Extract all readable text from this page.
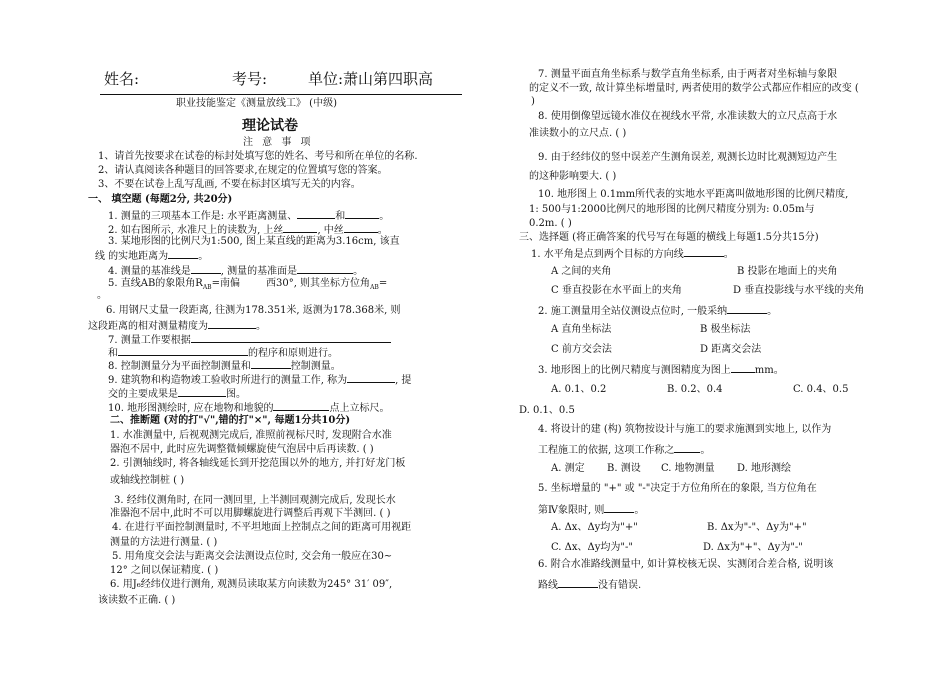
姓名:	考号:	单位:萧山第四职高
职业技能鉴定《测量放线工》 (中级)
理论试卷
注 意 事 项
1、请首先按要求在试卷的标封处填写您的姓名、考号和所在单位的名称.
2、请认真阅读各种题目的回答要求,在规定的位置填写您的答案。
3、不要在试卷上乱写乱画, 不要在标封区填写无关的内容。
一、 填空题 (每题2分, 共20分)
1. 测量的三项基本工作是: 水平距离测量、	和	。
2. 如右图所示, 水准尺上的读数为, 上丝	, 中丝	。
3. 某地形图的比例尺为1:500, 图上某直线的距离为3.16cm, 该直
线 的实地距离为	。
4. 测量的基准线是	, 测量的基准面是	。
5. 直线AB的象限角$R_{AB}=$南偏	西30°, 则其坐标方位角$_{AB}$=
。
6. 用钢尺丈量一段距离, 往测为178.351米, 返测为178.368米, 则
这段距离的相对测量精度为	。
7. 测量工作要根据
和	的程序和原则进行。
8. 控制测量分为平面控制测量和	控制测量。
9. 建筑物和构造物竣工验收时所进行的测量工作, 称为	, 提
交的主要成果是	图。
10. 地形图测绘时, 应在地物和地貌的	点上立标尺。
二、推断题 (对的打"√",错的打"×", 每题1分共10分)
1. 水准测量中, 后视观测完成后, 准照前视标尺时, 发现附合水准
器泡不居中, 此时应先调整微倾螺旋使气泡居中后再读数. ( )
2. 引测轴线时, 将各轴线延长到开挖范围以外的地方, 并打好龙门板
或轴线控制桩 ( )
3. 经纬仪测角时, 在同一测回里, 上半测回观测完成后, 发现长水
准器泡不居中,此时不可以用脚螺旋进行调整后再观下半测回. ( )
4. 在进行平面控制测量时, 不平坦地面上控制点之间的距离可用视距
测量的方法进行测量. ( )
5. 用角度交会法与距离交会法测设点位时, 交会角一般应在30~
12° 之间以保证精度. ( )
6. 用J₆经纬仪进行测角, 观测员读取某方向读数为245° 31′ 09″,
该读数不正确. ( )
7. 测量平面直角坐标系与数学直角坐标系, 由于两者对坐标轴与象限
的定义不一致, 故计算坐标增量时, 两者使用的数学公式都应作相应的改变 (
)
8. 使用倒像望远镜水准仪在视线水平常, 水准读数大的立尺点高于水
准读数小的立尺点. ( )
9. 由于经纬仪的竖中误差产生测角误差, 观测长边时比观测短边产生
的这种影响要大. ( )
10. 地形图上 0.1mm所代表的实地水平距离叫做地形图的比例尺精度,
1: 500与1:2000比例尺的地形图的比例尺精度分别为: 0.05m与
0.2m. ( )
三、选择题 (将正确答案的代号写在每题的横线上每题1.5分共15分)
1. 水平角是点到两个目标的方向线	。
A 之间的夹角	B 投影在地面上的夹角
C 垂直投影在水平面上的夹角	D 垂直投影线与水平线的夹角
2. 施工测量用全站仪测设点位时, 一般采纳	。
A 直角坐标法	B 极坐标法
C 前方交会法	D 距离交会法
3. 地形图上的比例尺精度与测图精度为图上 mm。
A. 0.1、0.2	B. 0.2、0.4	C. 0.4、0.5
D. 0.1、0.5
4. 将设计的建 (构) 筑物按设计与施工的要求施测到实地上, 以作为
工程施工的依据, 这项工作称之	。
A. 测定 B. 测设 C. 地物测量 D. 地形测绘
5. 坐标增量的 "+" 或 "-"决定于方位角所在的象限, 当方位角在
第Ⅳ象限时, 则	。
A. Δx、Δy均为"+"	B. Δx为"-"、Δy为"+"
C. Δx、Δy均为"-"	D. Δx为"+"、Δy为"-"
6. 附合水准路线测量中, 如计算校核无误、实测闭合差合格, 说明该
路线	没有错误.
